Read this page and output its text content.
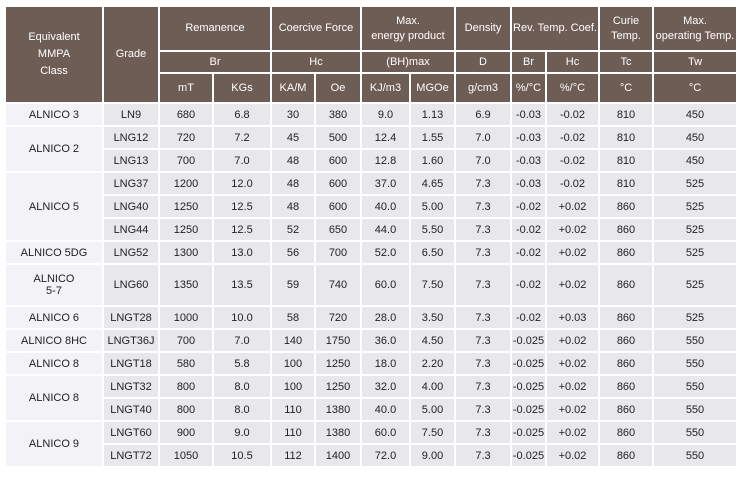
Equivalent
MMPA
Class	Grade	Remanence		Coercive Force		Max.
energy product		Density	Rev. Temp. Coef.		Curie
Temp.	Max.
operating Temp.
		Br		Hc		(BH)max		D	Br	Hc	Tc	Tw
		mT	KGs	KA/M	Oe	KJ/m3	MGOe	g/cm3	%/°C	%/°C	°C	°C
ALNICO 3	LN9	680	6.8	30	380	9.0	1.13	6.9	-0.03	-0.02	810	450
ALNICO 2	LNG12	720	7.2	45	500	12.4	1.55	7.0	-0.03	-0.02	810	450
	LNG13	700	7.0	48	600	12.8	1.60	7.0	-0.03	-0.02	810	450
ALNICO 5	LNG37	1200	12.0	48	600	37.0	4.65	7.3	-0.03	-0.02	810	525
	LNG40	1250	12.5	48	600	40.0	5.00	7.3	-0.02	+0.02	860	525
	LNG44	1250	12.5	52	650	44.0	5.50	7.3	-0.02	+0.02	860	525
ALNICO 5DG	LNG52	1300	13.0	56	700	52.0	6.50	7.3	-0.02	+0.02	860	525
ALNICO
5-7	LNG60	1350	13.5	59	740	60.0	7.50	7.3	-0.02	+0.02	860	525
ALNICO 6	LNGT28	1000	10.0	58	720	28.0	3.50	7.3	-0.02	+0.03	860	525
ALNICO 8HC	LNGT36J	700	7.0	140	1750	36.0	4.50	7.3	-0.025	+0.02	860	550
ALNICO 8	LNGT18	580	5.8	100	1250	18.0	2.20	7.3	-0.025	+0.02	860	550
ALNICO 8	LNGT32	800	8.0	100	1250	32.0	4.00	7.3	-0.025	+0.02	860	550
	LNGT40	800	8.0	110	1380	40.0	5.00	7.3	-0.025	+0.02	860	550
ALNICO 9	LNGT60	900	9.0	110	1380	60.0	7.50	7.3	-0.025	+0.02	860	550
	LNGT72	1050	10.5	112	1400	72.0	9.00	7.3	-0.025	+0.02	860	550
